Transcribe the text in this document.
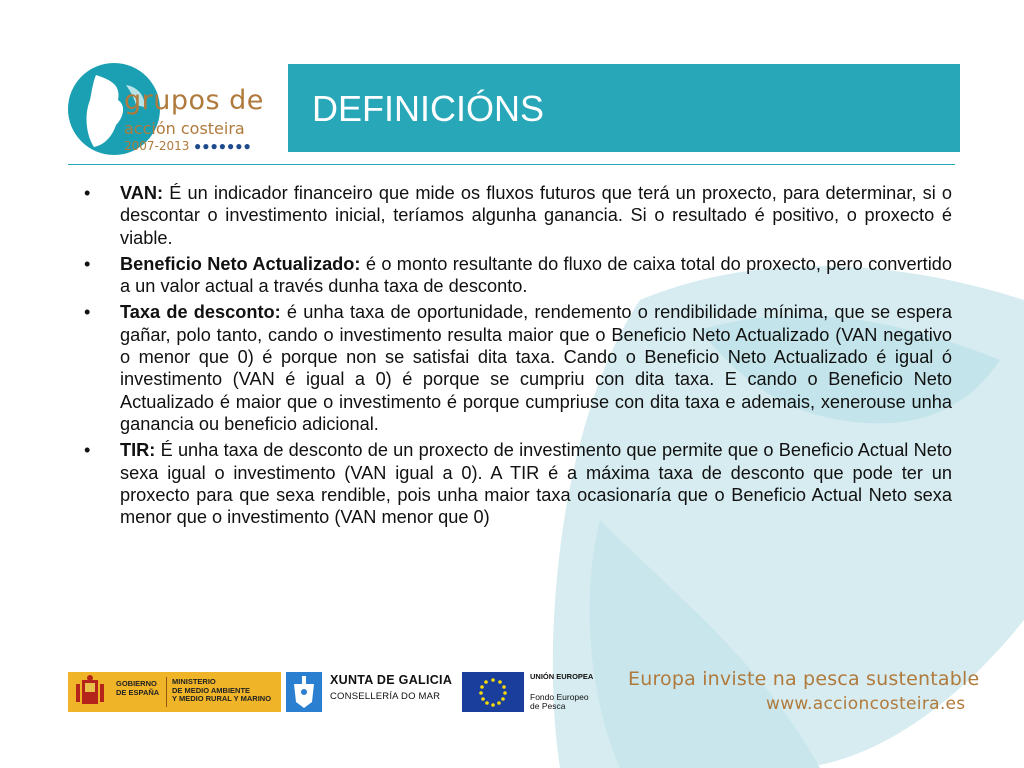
grupos de
acción costeira
2007-2013 ●●●●●●●
DEFINICIÓNS
• VAN: É un indicador financeiro que mide os fluxos futuros que terá un proxecto, para determinar, si o descontar o investimento inicial, teríamos algunha ganancia. Si o resultado é positivo, o proxecto é viable.
• Beneficio Neto Actualizado: é o monto resultante do fluxo de caixa total do proxecto, pero convertido a un valor actual a través dunha taxa de desconto.
• Taxa de desconto: é unha taxa de oportunidade, rendemento o rendibilidade mínima, que se espera gañar, polo tanto, cando o investimento resulta maior que o Beneficio Neto Actualizado (VAN negativo o menor que 0) é porque non se satisfai dita taxa. Cando o Beneficio Neto Actualizado é igual ó investimento (VAN é igual a 0) é porque se cumpriu con dita taxa. E cando o Beneficio Neto Actualizado é maior que o investimento é porque cumpriuse con dita taxa e ademais, xenerouse unha ganancia ou beneficio adicional.
• TIR: É unha taxa de desconto de un proxecto de investimento que permite que o Beneficio Actual Neto sexa igual o investimento (VAN igual a 0). A TIR é a máxima taxa de desconto que pode ter un proxecto para que sexa rendible, pois unha maior taxa ocasionaría que o Beneficio Actual Neto sexa menor que o investimento (VAN menor que 0)
GOBIERNO
DE ESPAÑA
MINISTERIO
DE MEDIO AMBIENTE
Y MEDIO RURAL Y MARINO
XUNTA DE GALICIA
CONSELLERÍA DO MAR
UNIÓN EUROPEA
Fondo Europeo
de Pesca
Europa inviste na pesca sustentable
www.accioncosteira.es
